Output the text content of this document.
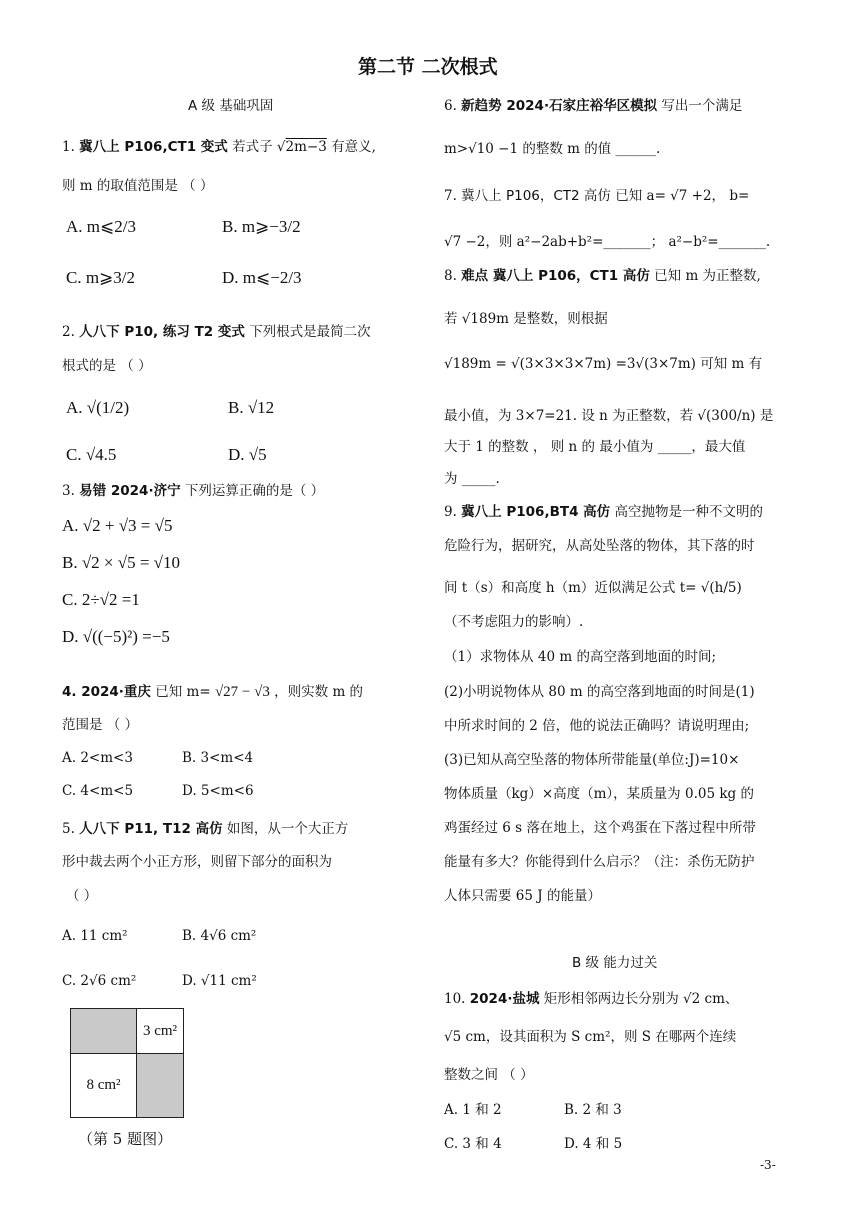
第二节 二次根式
A 级 基础巩固
1. 冀八上 P106,CT1 变式 若式子 √2m−3 有意义,
则 m 的取值范围是 （ ）
A. m⩽2/3	B. m⩾−3/2
C. m⩾3/2	D. m⩽−2/3
2. 人八下 P10, 练习 T2 变式 下列根式是最简二次
根式的是 （ ）
A. √(1/2)	B. √12
C. √4.5	D. √5
3. 易错 2024·济宁 下列运算正确的是（ ）
A. √2 + √3 = √5
B. √2 × √5 = √10
C. 2÷√2 =1
D. √((−5)²) =−5
4. 2024·重庆 已知 m= √27 − √3 ，则实数 m 的
范围是 （ ）
A. 2<m<3	B. 3<m<4
C. 4<m<5	D. 5<m<6
5. 人八下 P11, T12 高仿 如图，从一个大正方
形中裁去两个小正方形，则留下部分的面积为
（ ）
A. 11 cm²	B. 4√6 cm²
C. 2√6 cm²	D. √11 cm²
3 cm²
8 cm²
（第 5 题图）
6. 新趋势 2024·石家庄裕华区模拟 写出一个满足
m>√10 −1 的整数 m 的值 ______.
7. 冀八上 P106，CT2 高仿 已知 a= √7 +2， b=
√7 −2，则 a²−2ab+b²=_______； a²−b²=_______.
8. 难点 冀八上 P106，CT1 高仿 已知 m 为正整数,
若 √189m 是整数，则根据
√189m = √(3×3×3×7m) =3√(3×7m) 可知 m 有
最小值，为 3×7=21. 设 n 为正整数，若 √(300/n) 是
大于 1 的整数 ， 则 n 的 最小值为 _____，最大值
为 _____.
9. 冀八上 P106,BT4 高仿 高空抛物是一种不文明的
危险行为，据研究，从高处坠落的物体，其下落的时
间 t（s）和高度 h（m）近似满足公式 t= √(h/5)
（不考虑阻力的影响）.
（1）求物体从 40 m 的高空落到地面的时间;
(2)小明说物体从 80 m 的高空落到地面的时间是(1)
中所求时间的 2 倍，他的说法正确吗？请说明理由;
(3)已知从高空坠落的物体所带能量(单位:J)=10×
物体质量（kg）×高度（m），某质量为 0.05 kg 的
鸡蛋经过 6 s 落在地上，这个鸡蛋在下落过程中所带
能量有多大？你能得到什么启示？（注：杀伤无防护
人体只需要 65 J 的能量）
B 级 能力过关
10. 2024·盐城 矩形相邻两边长分别为 √2 cm、
√5 cm，设其面积为 S cm²，则 S 在哪两个连续
整数之间 （ ）
A. 1 和 2	B. 2 和 3
C. 3 和 4	D. 4 和 5
-3-
